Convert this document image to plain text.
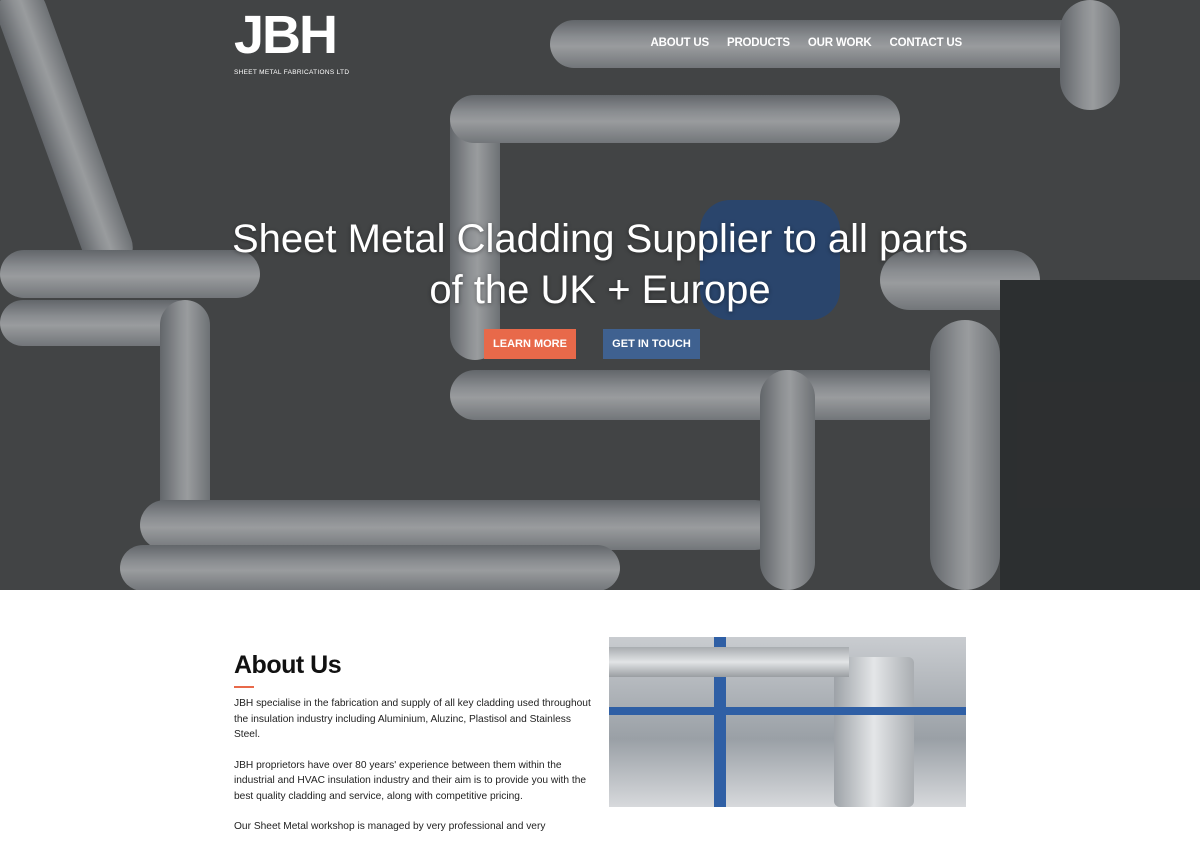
JBH
SHEET METAL FABRICATIONS LTD
ABOUT US PRODUCTS OUR WORK CONTACT US
Sheet Metal Cladding Supplier to all parts
of the UK + Europe
LEARN MORE	GET IN TOUCH
About Us

JBH specialise in the fabrication and supply of all key cladding used throughout the insulation industry including Aluminium, Aluzinc, Plastisol and Stainless Steel.

JBH proprietors have over 80 years' experience between them within the industrial and HVAC insulation industry and their aim is to provide you with the best quality cladding and service, along with competitive pricing.

Our Sheet Metal workshop is managed by very professional and very
